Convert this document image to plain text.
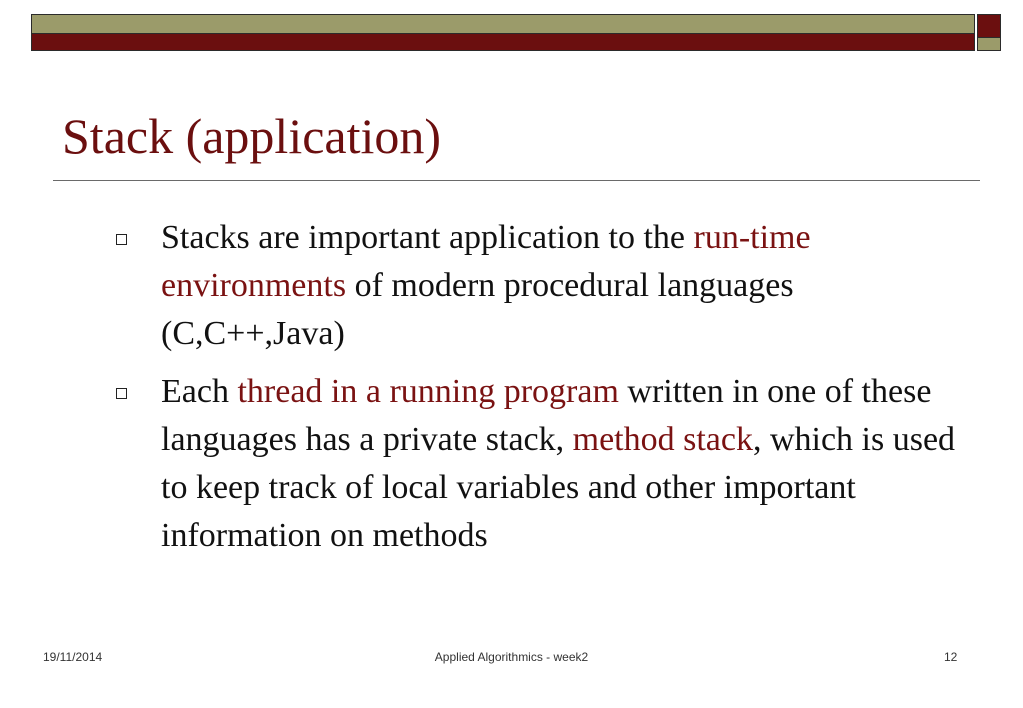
Stack (application)
Stacks are important application to the run-time environments of modern procedural languages (C,C++,Java)
Each thread in a running program written in one of these languages has a private stack, method stack, which is used to keep track of local variables and other important information on methods
19/11/2014	Applied Algorithmics - week2	12
